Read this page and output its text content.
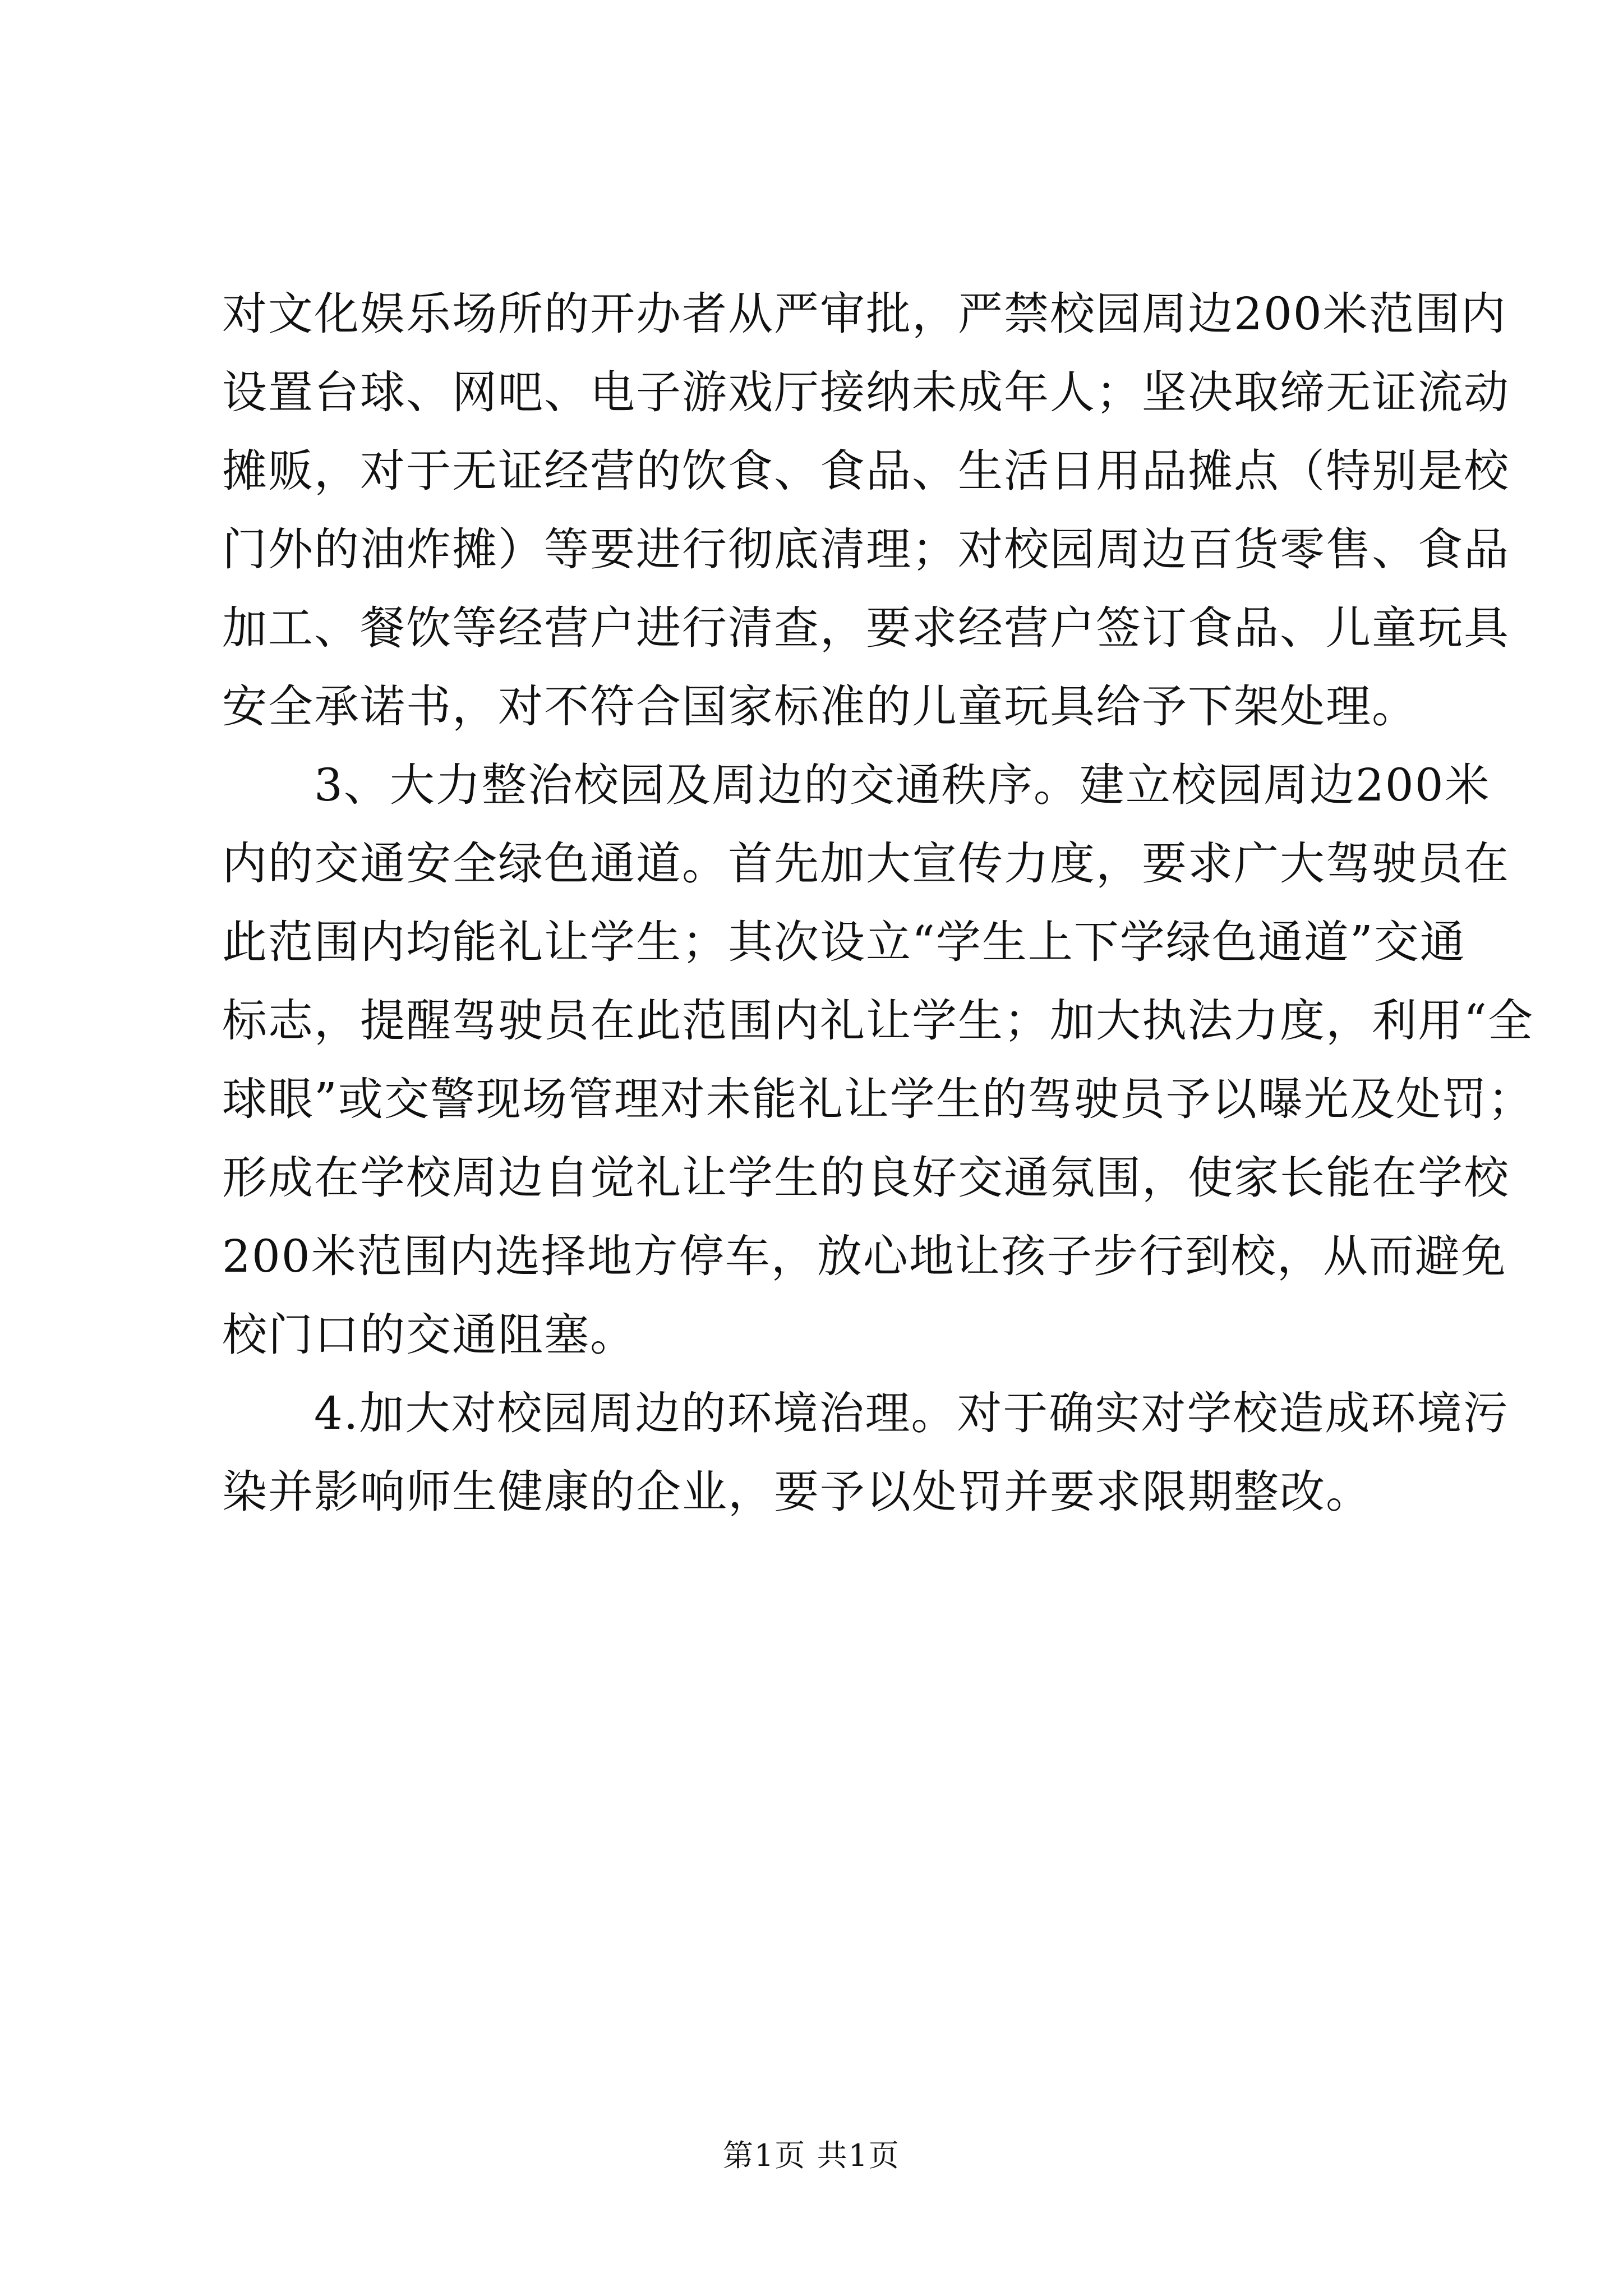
对文化娱乐场所的开办者从严审批，严禁校园周边200米范围内
设置台球、网吧、电子游戏厅接纳未成年人；坚决取缔无证流动
摊贩，对于无证经营的饮食、食品、生活日用品摊点（特别是校
门外的油炸摊）等要进行彻底清理；对校园周边百货零售、食品
加工、餐饮等经营户进行清查，要求经营户签订食品、儿童玩具
安全承诺书，对不符合国家标准的儿童玩具给予下架处理。
　　3、大力整治校园及周边的交通秩序。建立校园周边200米
内的交通安全绿色通道。首先加大宣传力度，要求广大驾驶员在
此范围内均能礼让学生；其次设立“学生上下学绿色通道”交通
标志，提醒驾驶员在此范围内礼让学生；加大执法力度，利用“全
球眼”或交警现场管理对未能礼让学生的驾驶员予以曝光及处罚；
形成在学校周边自觉礼让学生的良好交通氛围，使家长能在学校
200米范围内选择地方停车，放心地让孩子步行到校，从而避免
校门口的交通阻塞。
　　4.加大对校园周边的环境治理。对于确实对学校造成环境污
染并影响师生健康的企业，要予以处罚并要求限期整改。
第1页 共1页
